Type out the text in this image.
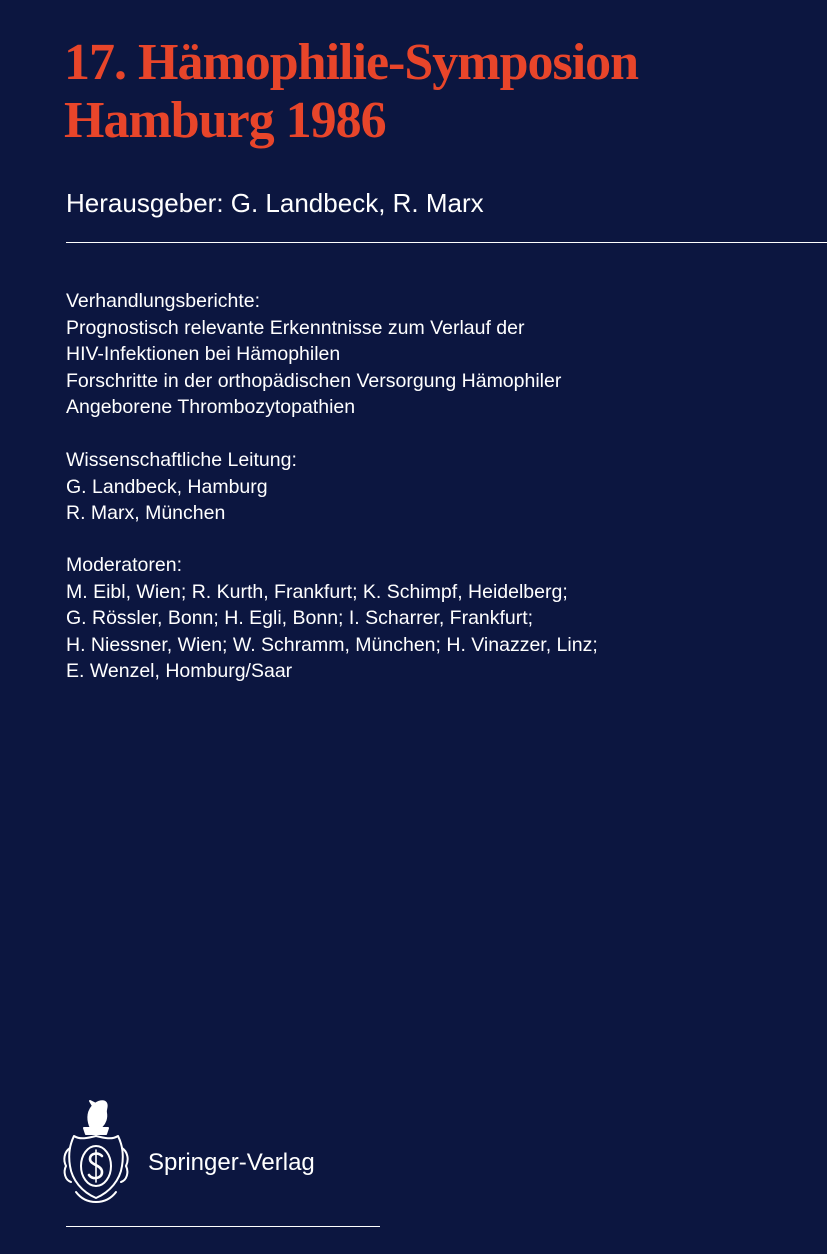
17. Hämophilie-Symposion
Hamburg 1986
Herausgeber: G. Landbeck, R. Marx
Verhandlungsberichte:
Prognostisch relevante Erkenntnisse zum Verlauf der
HIV-Infektionen bei Hämophilen
Forschritte in der orthopädischen Versorgung Hämophiler
Angeborene Thrombozytopathien
Wissenschaftliche Leitung:
G. Landbeck, Hamburg
R. Marx, München
Moderatoren:
M. Eibl, Wien; R. Kurth, Frankfurt; K. Schimpf, Heidelberg;
G. Rössler, Bonn; H. Egli, Bonn; I. Scharrer, Frankfurt;
H. Niessner, Wien; W. Schramm, München; H. Vinazzer, Linz;
E. Wenzel, Homburg/Saar
Springer-Verlag
